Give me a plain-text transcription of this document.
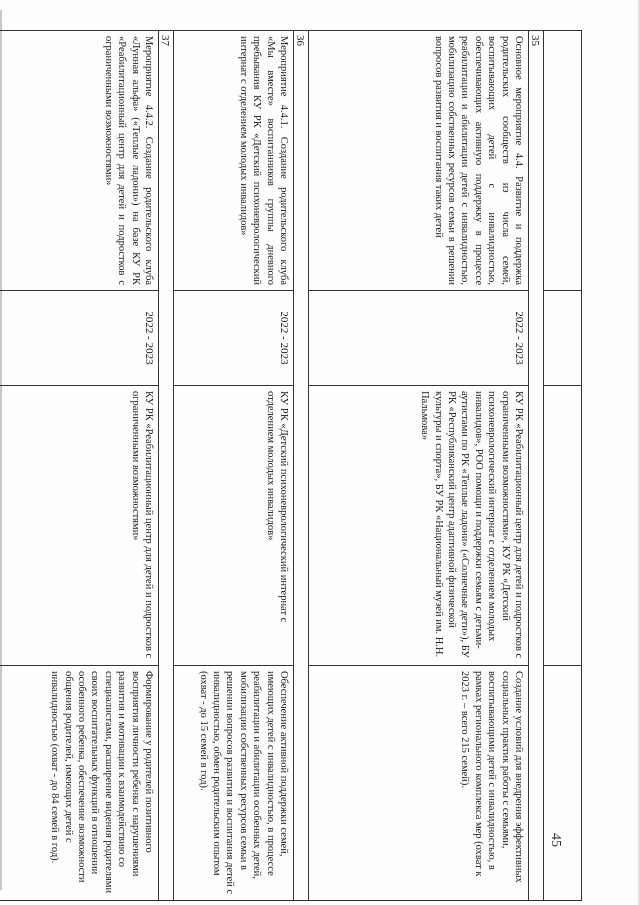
35

Основное мероприятие 4.4. Развитие и поддержка родительских сообществ из числа семей, воспитывающих детей с инвалидностью, обеспечивающих активную поддержку в процессе реабилитации и абилитации детей с инвалидностью, мобилизацию собственных ресурсов семьи в решении вопросов развития и воспитания таких детей

2022 - 2023

КУ РК «Реабилитационный центр для детей и подростков с ограниченными возможностями», КУ РК «Детский психоневрологический интернат с отделением молодых инвалидов», РОО помощи и поддержки семьям с детьми-аутистами по РК «Теплые ладони» («Солнечные дети»), БУ РК «Республиканский центр адаптивной физической культуры и спорта», БУ РК «Национальный музей им. Н.Н. Пальмова»

Создание условий для внедрения эффективных социальных практик работы с семьями, воспитывающими детей с инвалидностью, в рамках регионального комплекса мер (охват к 2023 г. – всего 215 семей).

36

Мероприятие 4.4.1. Создание родительского клуба «Мы вместе» воспитанников группы дневного пребывания КУ РК «Детский психоневрологический интернат с отделением молодых инвалидов»

2022 - 2023

КУ РК «Детский психоневрологический интернат с отделением молодых инвалидов»

Обеспечение активной поддержки семей, имеющих детей с инвалидностью, в процессе реабилитации и абилитации особенных детей, мобилизации собственных ресурсов семьи в решении вопросов развития и воспитания детей с инвалидностью, обмен родительским опытом (охват - до 15 семей в год).

37

Мероприятие 4.4.2. Создание родительского клуба «Лунная альфа» («Теплые ладони») на базе КУ РК «Реабилитационный центр для детей и подростков с ограниченными возможностями»

2022 - 2023

КУ РК «Реабилитационный центр для детей и подростков с ограниченными возможностями»

Формирование у родителей позитивного восприятия личности ребенка с нарушениями развития и мотивации к взаимодействию со специалистами, расширение видения родителями своих воспитательных функций в отношении особенного ребенка, обеспечение возможности общения родителей, имеющих детей с инвалидностью (охват - до 84 семей в год).	45
